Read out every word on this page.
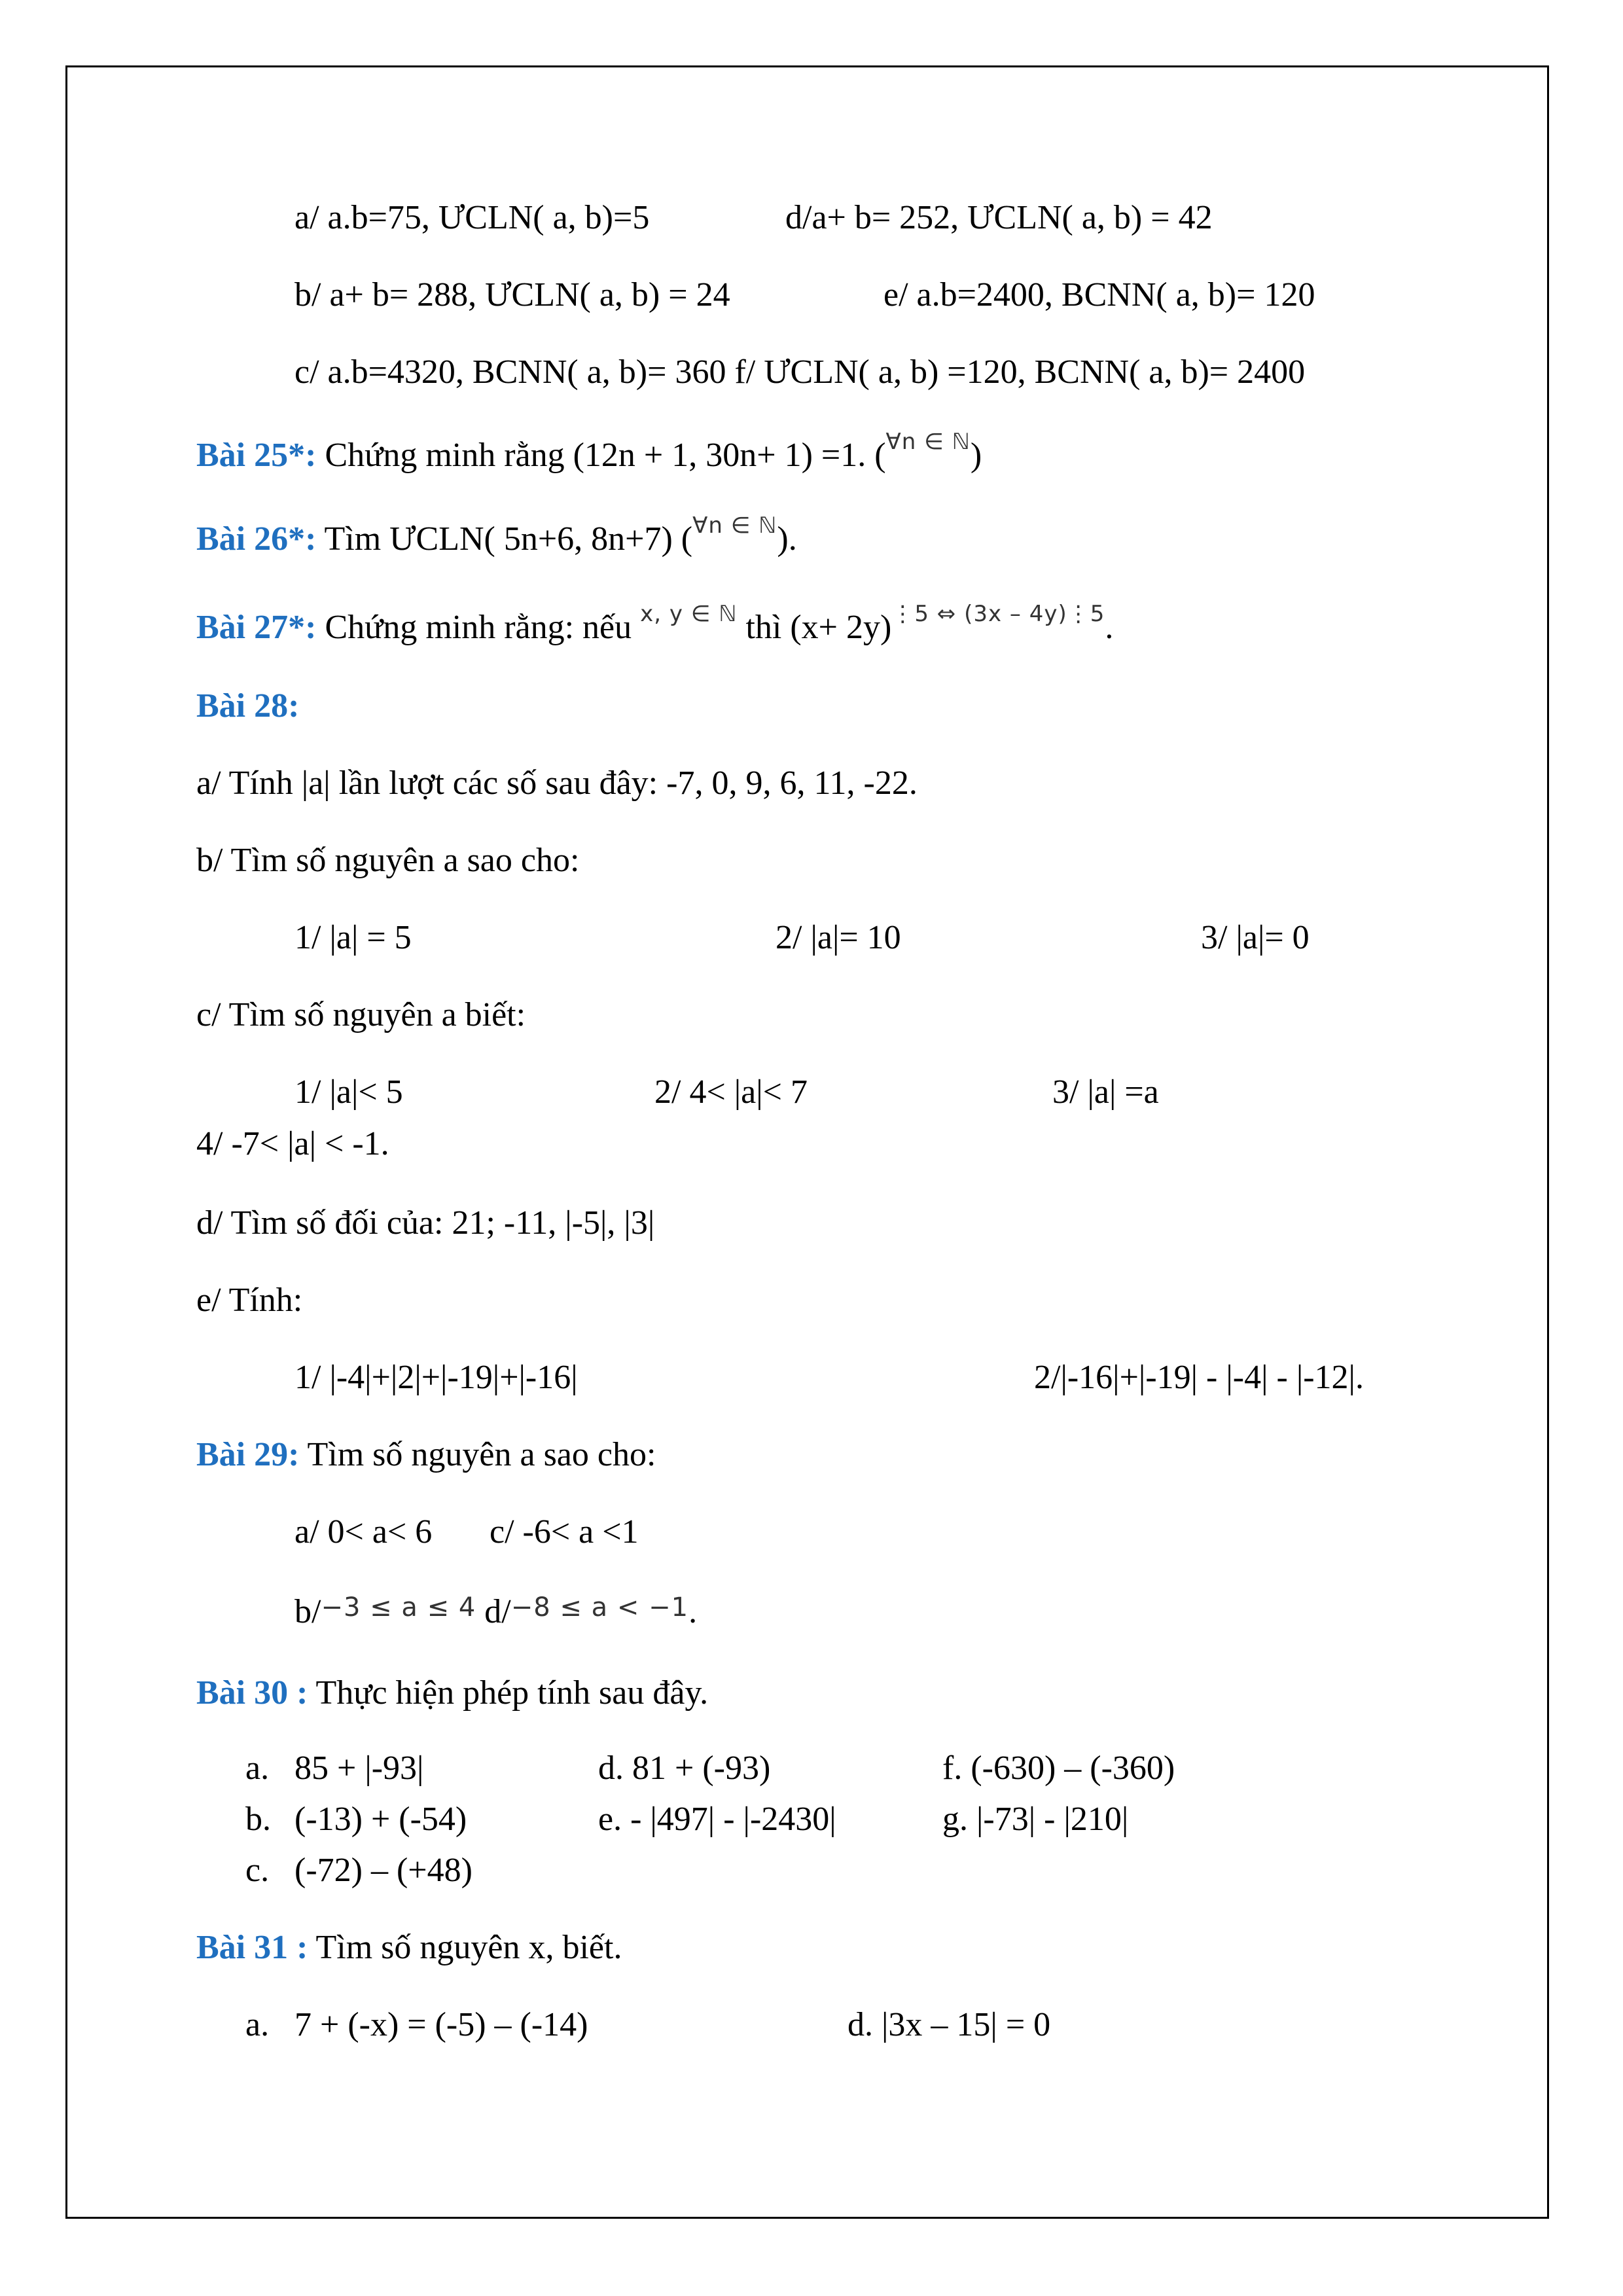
a/ a.b=75, ƯCLN( a, b)=5	d/a+ b= 252, ƯCLN( a, b) = 42
b/ a+ b= 288, ƯCLN( a, b) = 24	e/ a.b=2400, BCNN( a, b)= 120
c/ a.b=4320, BCNN( a, b)= 360 f/ ƯCLN( a, b) =120, BCNN( a, b)= 2400
Bài 25*: Chứng minh rằng (12n + 1, 30n+ 1) =1. (∀n ∈ ℕ)
Bài 26*: Tìm ƯCLN( 5n+6, 8n+7) (∀n ∈ ℕ).
Bài 27*: Chứng minh rằng: nếu x, y ∈ ℕ thì (x+ 2y)⋮5 ⇔ (3x – 4y)⋮5.
Bài 28:
a/ Tính |a| lần lượt các số sau đây: -7, 0, 9, 6, 11, -22.
b/ Tìm số nguyên a sao cho:
1/ |a| = 5	2/ |a|= 10	3/ |a|= 0
c/ Tìm số nguyên a biết:
1/ |a|< 5	2/ 4< |a|< 7	3/ |a| =a
4/ -7< |a| < -1.
d/ Tìm số đối của: 21; -11, |-5|, |3|
e/ Tính:
1/ |-4|+|2|+|-19|+|-16|	2/|-16|+|-19| - |-4| - |-12|.
Bài 29: Tìm số nguyên a sao cho:
a/ 0< a< 6 c/ -6< a <1
b/−3 ≤ a ≤ 4 d/−8 ≤ a < −1.
Bài 30 : Thực hiện phép tính sau đây.
a. 85 + |-93|	d. 81 + (-93)	f. (-630) – (-360)
b. (-13) + (-54)	e. - |497| - |-2430|	g. |-73| - |210|
c. (-72) – (+48)
Bài 31 : Tìm số nguyên x, biết.
a. 7 + (-x) = (-5) – (-14)	d. |3x – 15| = 0
